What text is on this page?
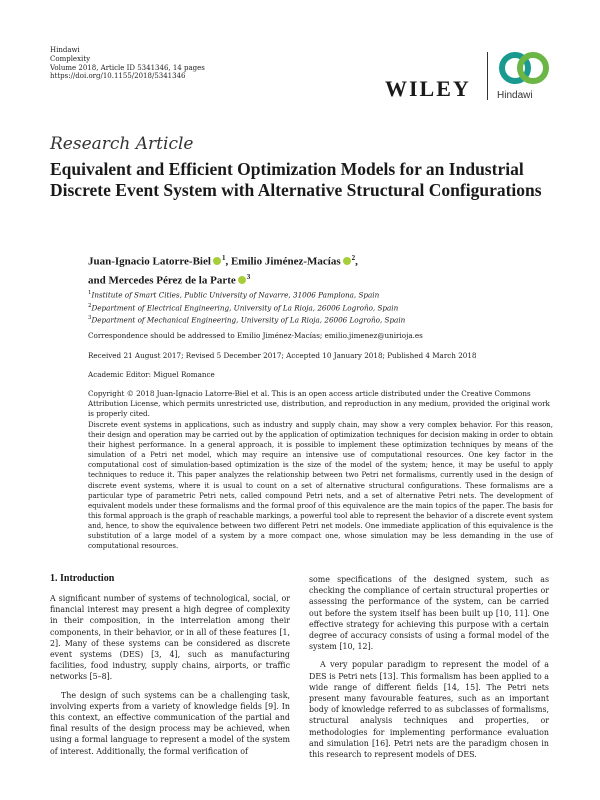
Hindawi
Complexity
Volume 2018, Article ID 5341346, 14 pages
https://doi.org/10.1155/2018/5341346	WILEY	Hindawi
Research Article
Equivalent and Efficient Optimization Models for an Industrial Discrete Event System with Alternative Structural Configurations
Juan-Ignacio Latorre-Biel $^1$, Emilio Jiménez-Macías $^2$,
and Mercedes Pérez de la Parte $^3$
$^1$Institute of Smart Cities, Public University of Navarre, 31006 Pamplona, Spain
$^2$Department of Electrical Engineering, University of La Rioja, 26006 Logroño, Spain
$^3$Department of Mechanical Engineering, University of La Rioja, 26006 Logroño, Spain
Correspondence should be addressed to Emilio Jiménez-Macías; emilio.jimenez@unirioja.es
Received 21 August 2017; Revised 5 December 2017; Accepted 10 January 2018; Published 4 March 2018
Academic Editor: Miguel Romance
Copyright © 2018 Juan-Ignacio Latorre-Biel et al. This is an open access article distributed under the Creative Commons Attribution License, which permits unrestricted use, distribution, and reproduction in any medium, provided the original work is properly cited.
Discrete event systems in applications, such as industry and supply chain, may show a very complex behavior. For this reason, their design and operation may be carried out by the application of optimization techniques for decision making in order to obtain their highest performance. In a general approach, it is possible to implement these optimization techniques by means of the simulation of a Petri net model, which may require an intensive use of computational resources. One key factor in the computational cost of simulation-based optimization is the size of the model of the system; hence, it may be useful to apply techniques to reduce it. This paper analyzes the relationship between two Petri net formalisms, currently used in the design of discrete event systems, where it is usual to count on a set of alternative structural configurations. These formalisms are a particular type of parametric Petri nets, called compound Petri nets, and a set of alternative Petri nets. The development of equivalent models under these formalisms and the formal proof of this equivalence are the main topics of the paper. The basis for this formal approach is the graph of reachable markings, a powerful tool able to represent the behavior of a discrete event system and, hence, to show the equivalence between two different Petri net models. One immediate application of this equivalence is the substitution of a large model of a system by a more compact one, whose simulation may be less demanding in the use of computational resources.
1. Introduction

A significant number of systems of technological, social, or financial interest may present a high degree of complexity in their composition, in the interrelation among their components, in their behavior, or in all of these features [1, 2]. Many of these systems can be considered as discrete event systems (DES) [3, 4], such as manufacturing facilities, food industry, supply chains, airports, or traffic networks [5–8].

The design of such systems can be a challenging task, involving experts from a variety of knowledge fields [9]. In this context, an effective communication of the partial and final results of the design process may be achieved, when using a formal language to represent a model of the system of interest. Additionally, the formal verification of

some specifications of the designed system, such as checking the compliance of certain structural properties or assessing the performance of the system, can be carried out before the system itself has been built up [10, 11]. One effective strategy for achieving this purpose with a certain degree of accuracy consists of using a formal model of the system [10, 12].

A very popular paradigm to represent the model of a DES is Petri nets [13]. This formalism has been applied to a wide range of different fields [14, 15]. The Petri nets present many favourable features, such as an important body of knowledge referred to as subclasses of formalisms, structural analysis techniques and properties, or methodologies for implementing performance evaluation and simulation [16]. Petri nets are the paradigm chosen in this research to represent models of DES.
